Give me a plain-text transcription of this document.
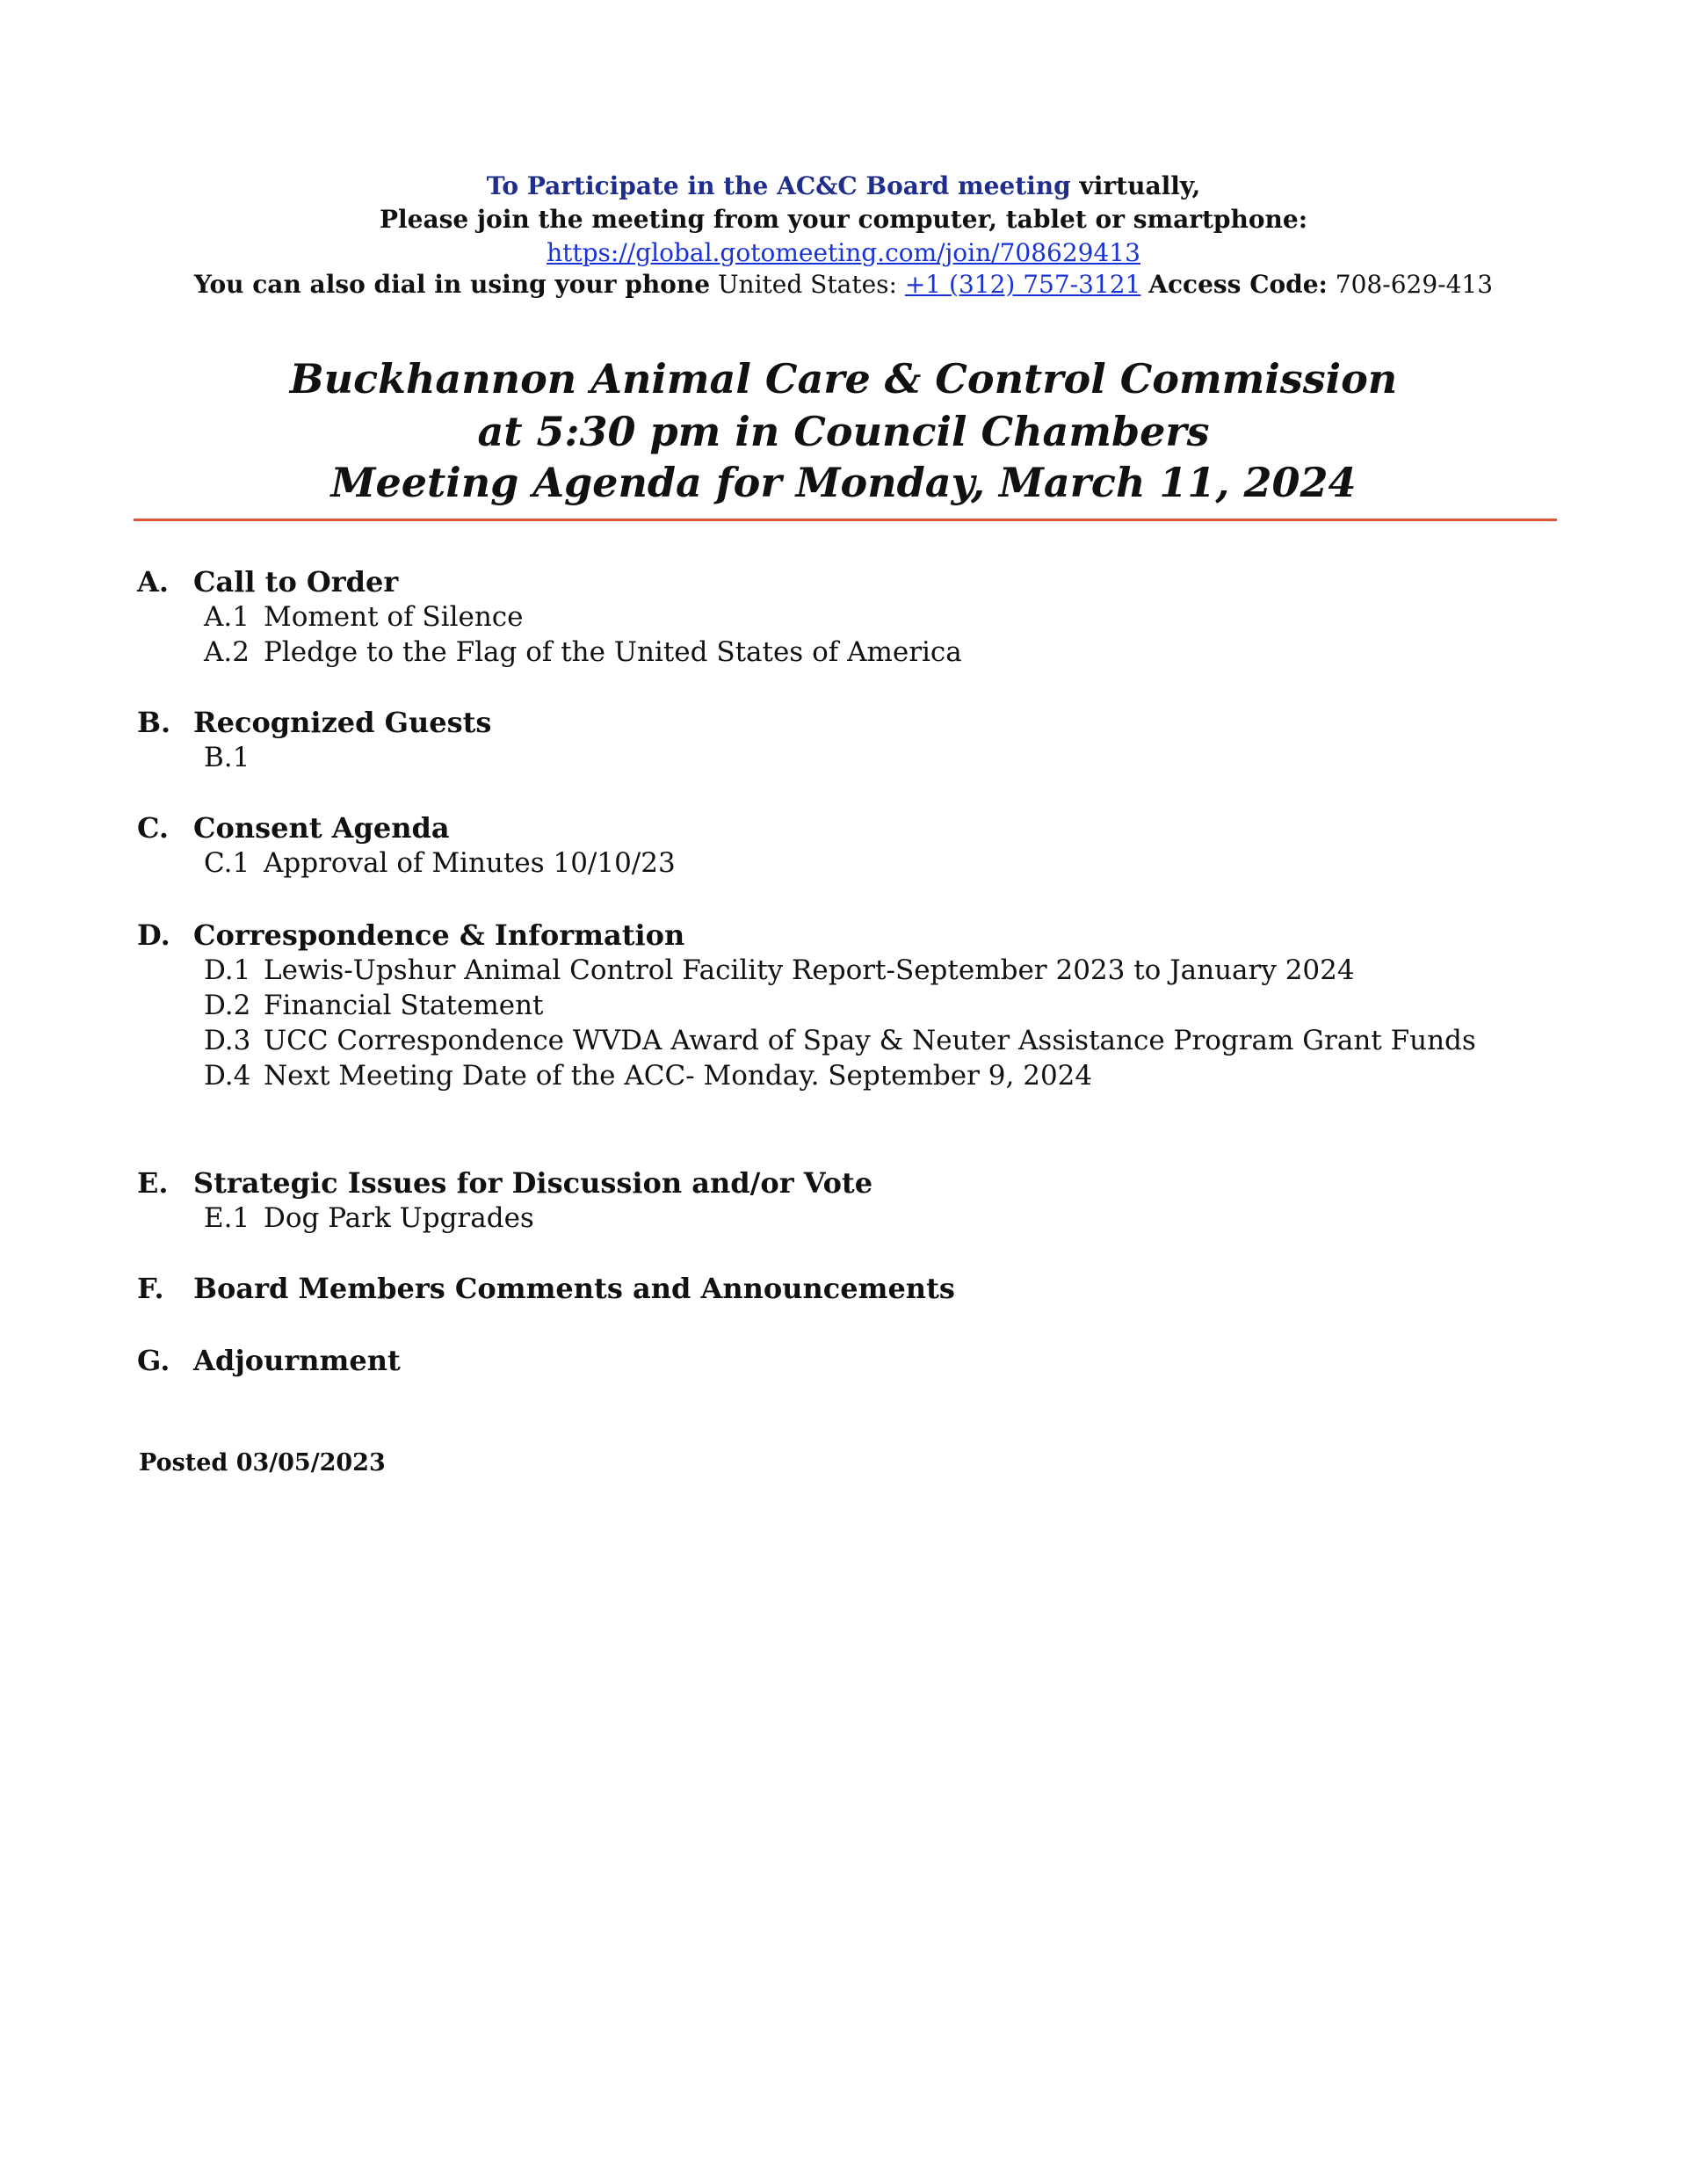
To Participate in the AC&C Board meeting virtually,
Please join the meeting from your computer, tablet or smartphone:
https://global.gotomeeting.com/join/708629413
You can also dial in using your phone United States: +1 (312) 757-3121 Access Code: 708-629-413
Buckhannon Animal Care & Control Commission
at 5:30 pm in Council Chambers
Meeting Agenda for Monday, March 11, 2024
A. Call to Order
A.1 Moment of Silence
A.2 Pledge to the Flag of the United States of America
B. Recognized Guests
B.1
C. Consent Agenda
C.1 Approval of Minutes 10/10/23
D. Correspondence & Information
D.1 Lewis-Upshur Animal Control Facility Report-September 2023 to January 2024
D.2 Financial Statement
D.3 UCC Correspondence WVDA Award of Spay & Neuter Assistance Program Grant Funds
D.4 Next Meeting Date of the ACC- Monday. September 9, 2024
E. Strategic Issues for Discussion and/or Vote
E.1 Dog Park Upgrades
F. Board Members Comments and Announcements
G. Adjournment
Posted 03/05/2023
